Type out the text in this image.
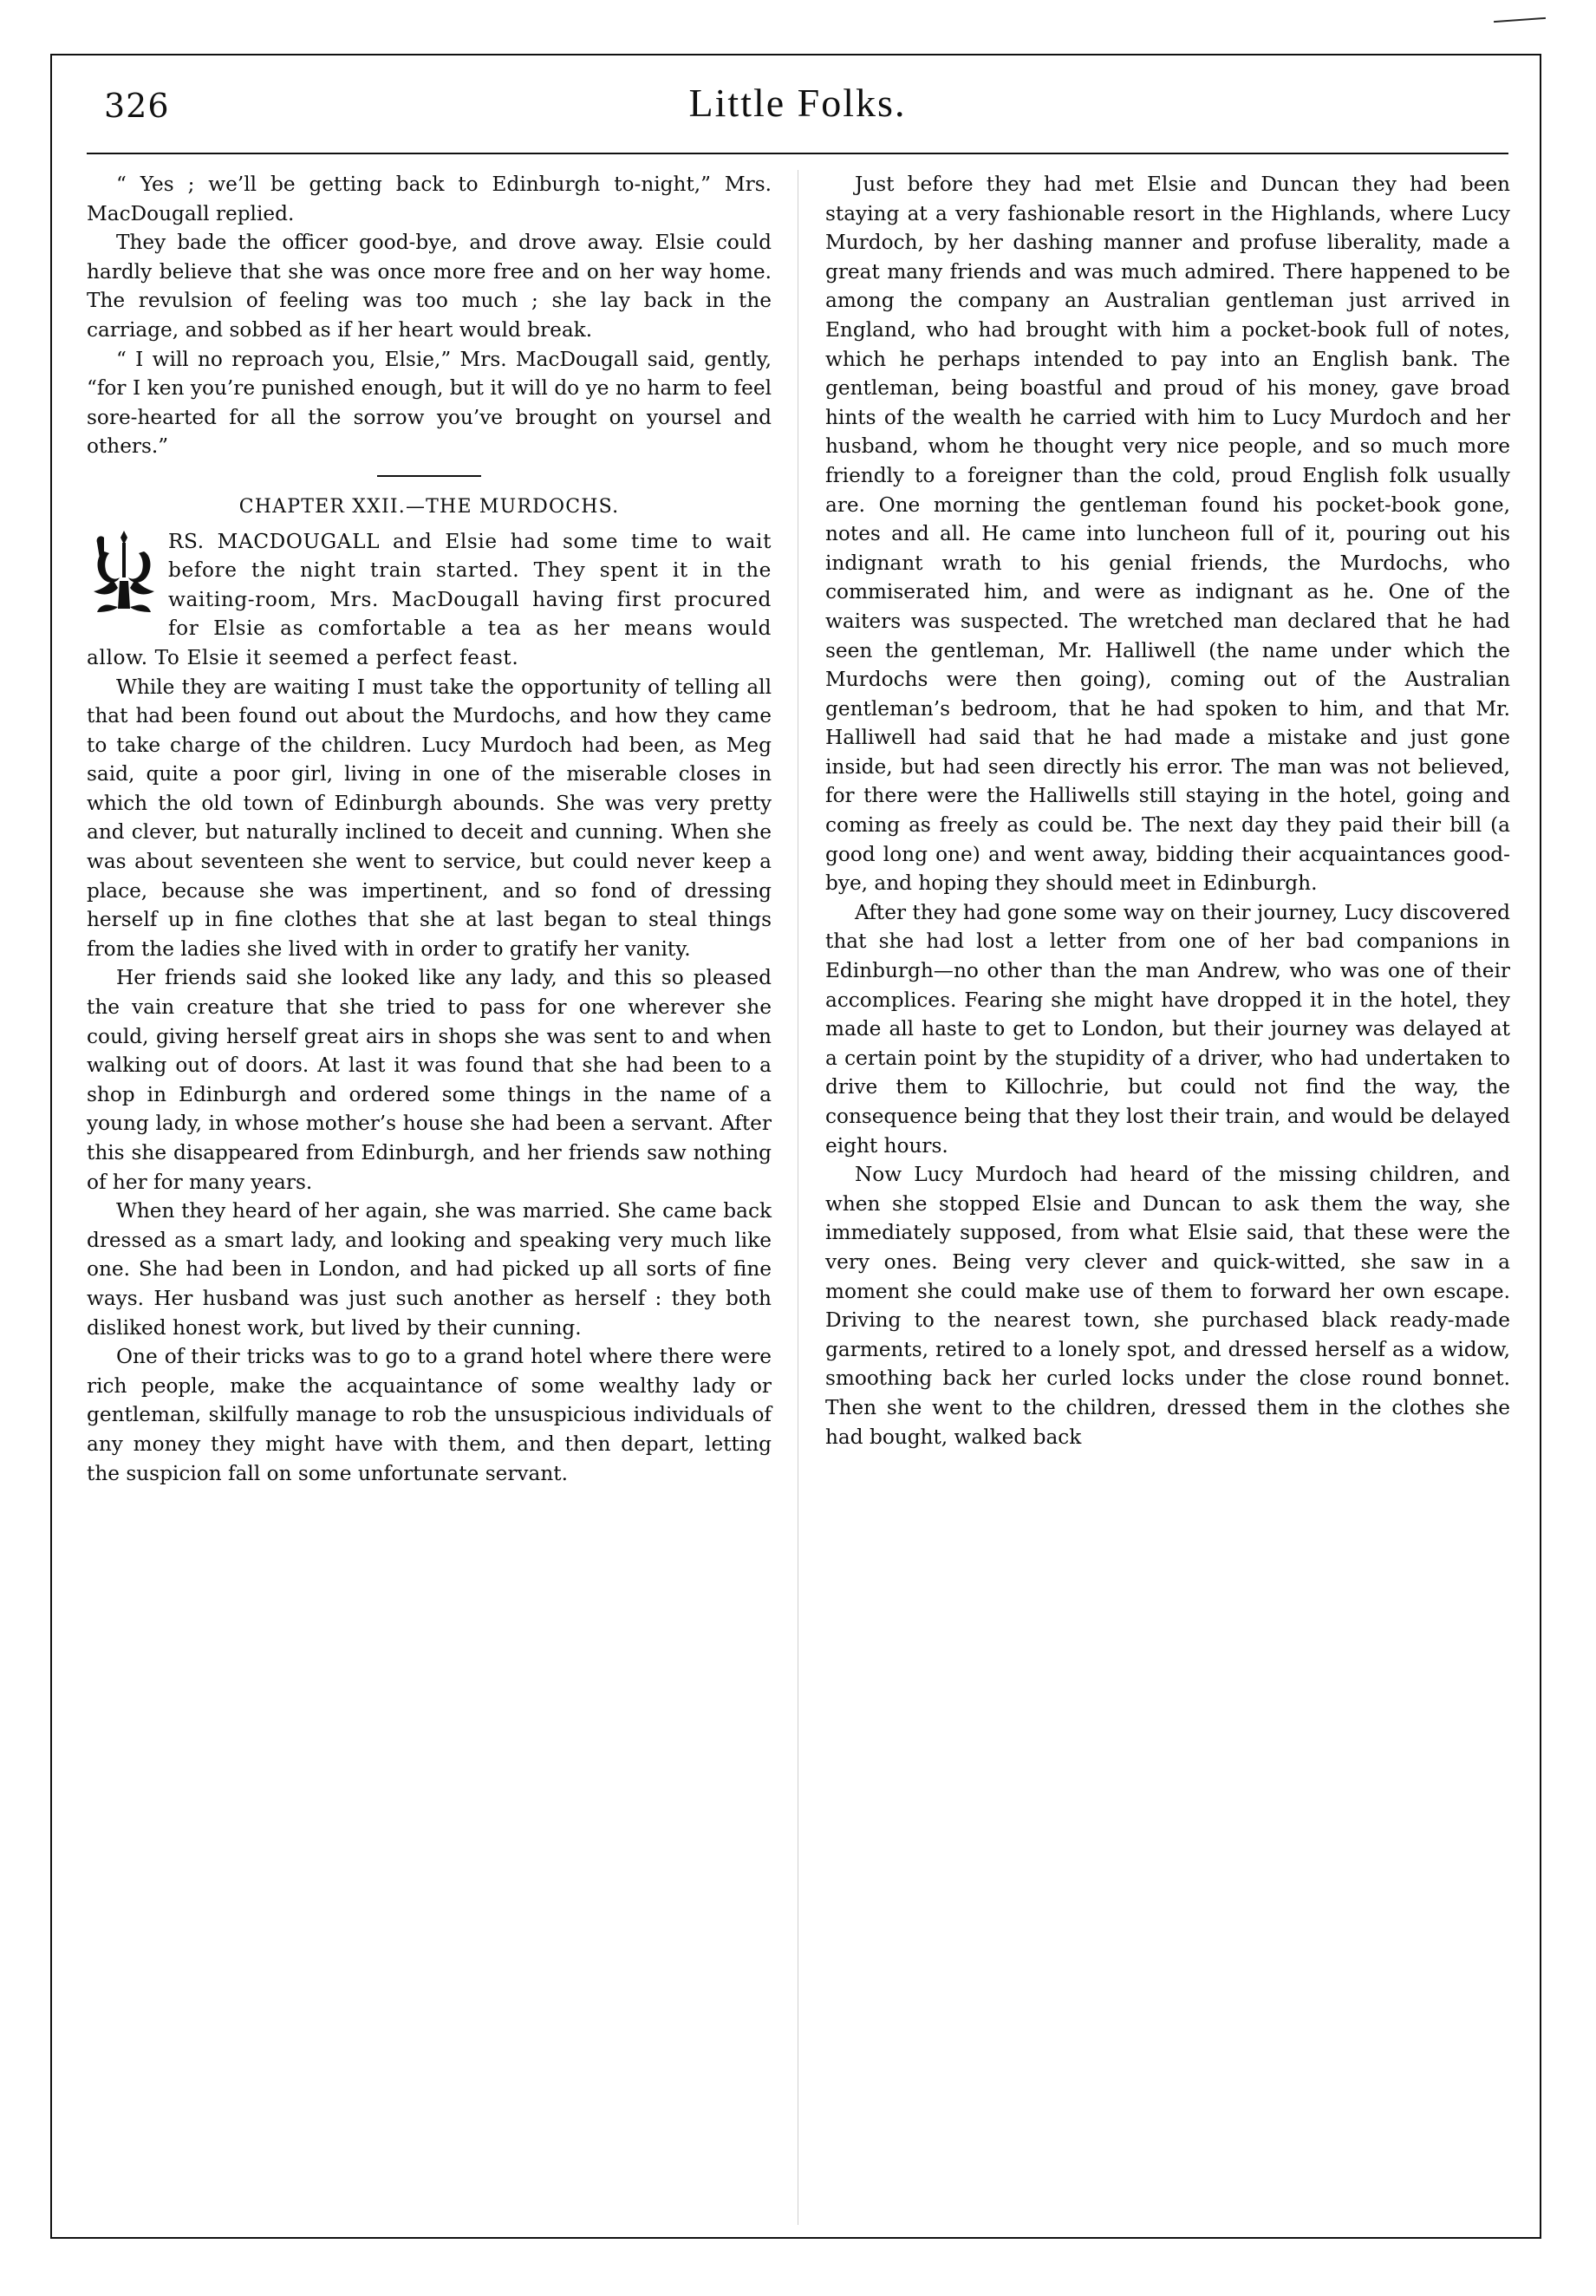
326	Little Folks.

“ Yes ; we’ll be getting back to Edinburgh to-night,” Mrs. MacDougall replied.

They bade the officer good-bye, and drove away. Elsie could hardly believe that she was once more free and on her way home. The revulsion of feeling was too much ; she lay back in the carriage, and sobbed as if her heart would break.

“ I will no reproach you, Elsie,” Mrs. MacDougall said, gently, “for I ken you’re punished enough, but it will do ye no harm to feel sore-hearted for all the sorrow you’ve brought on yoursel and others.”

CHAPTER XXII.—THE MURDOCHS.

RS. MACDOUGALL and Elsie had some time to wait before the night train started. They spent it in the waiting-room, Mrs. MacDougall having first procured for Elsie as comfortable a tea as her means would allow. To Elsie it seemed a perfect feast.

While they are waiting I must take the opportunity of telling all that had been found out about the Murdochs, and how they came to take charge of the children. Lucy Murdoch had been, as Meg said, quite a poor girl, living in one of the miserable closes in which the old town of Edinburgh abounds. She was very pretty and clever, but naturally inclined to deceit and cunning. When she was about seventeen she went to service, but could never keep a place, because she was impertinent, and so fond of dressing herself up in fine clothes that she at last began to steal things from the ladies she lived with in order to gratify her vanity.

Her friends said she looked like any lady, and this so pleased the vain creature that she tried to pass for one wherever she could, giving herself great airs in shops she was sent to and when walking out of doors. At last it was found that she had been to a shop in Edinburgh and ordered some things in the name of a young lady, in whose mother’s house she had been a servant. After this she disappeared from Edinburgh, and her friends saw nothing of her for many years.

When they heard of her again, she was married. She came back dressed as a smart lady, and looking and speaking very much like one. She had been in London, and had picked up all sorts of fine ways. Her husband was just such another as herself : they both disliked honest work, but lived by their cunning.

One of their tricks was to go to a grand hotel where there were rich people, make the acquaintance of some wealthy lady or gentleman, skilfully manage to rob the unsuspicious individuals of any money they might have with them, and then depart, letting the suspicion fall on some unfortunate servant.

Just before they had met Elsie and Duncan they had been staying at a very fashionable resort in the Highlands, where Lucy Murdoch, by her dashing manner and profuse liberality, made a great many friends and was much admired. There happened to be among the company an Australian gentleman just arrived in England, who had brought with him a pocket-book full of notes, which he perhaps intended to pay into an English bank. The gentleman, being boastful and proud of his money, gave broad hints of the wealth he carried with him to Lucy Murdoch and her husband, whom he thought very nice people, and so much more friendly to a foreigner than the cold, proud English folk usually are. One morning the gentleman found his pocket-book gone, notes and all. He came into luncheon full of it, pouring out his indignant wrath to his genial friends, the Murdochs, who commiserated him, and were as indignant as he. One of the waiters was suspected. The wretched man declared that he had seen the gentleman, Mr. Halliwell (the name under which the Murdochs were then going), coming out of the Australian gentleman’s bedroom, that he had spoken to him, and that Mr. Halliwell had said that he had made a mistake and just gone inside, but had seen directly his error. The man was not believed, for there were the Halliwells still staying in the hotel, going and coming as freely as could be. The next day they paid their bill (a good long one) and went away, bidding their acquaintances good-bye, and hoping they should meet in Edinburgh.

After they had gone some way on their journey, Lucy discovered that she had lost a letter from one of her bad companions in Edinburgh—no other than the man Andrew, who was one of their accomplices. Fearing she might have dropped it in the hotel, they made all haste to get to London, but their journey was delayed at a certain point by the stupidity of a driver, who had undertaken to drive them to Killochrie, but could not find the way, the consequence being that they lost their train, and would be delayed eight hours.

Now Lucy Murdoch had heard of the missing children, and when she stopped Elsie and Duncan to ask them the way, she immediately supposed, from what Elsie said, that these were the very ones. Being very clever and quick-witted, she saw in a moment she could make use of them to forward her own escape. Driving to the nearest town, she purchased black ready-made garments, retired to a lonely spot, and dressed herself as a widow, smoothing back her curled locks under the close round bonnet. Then she went to the children, dressed them in the clothes she had bought, walked back
